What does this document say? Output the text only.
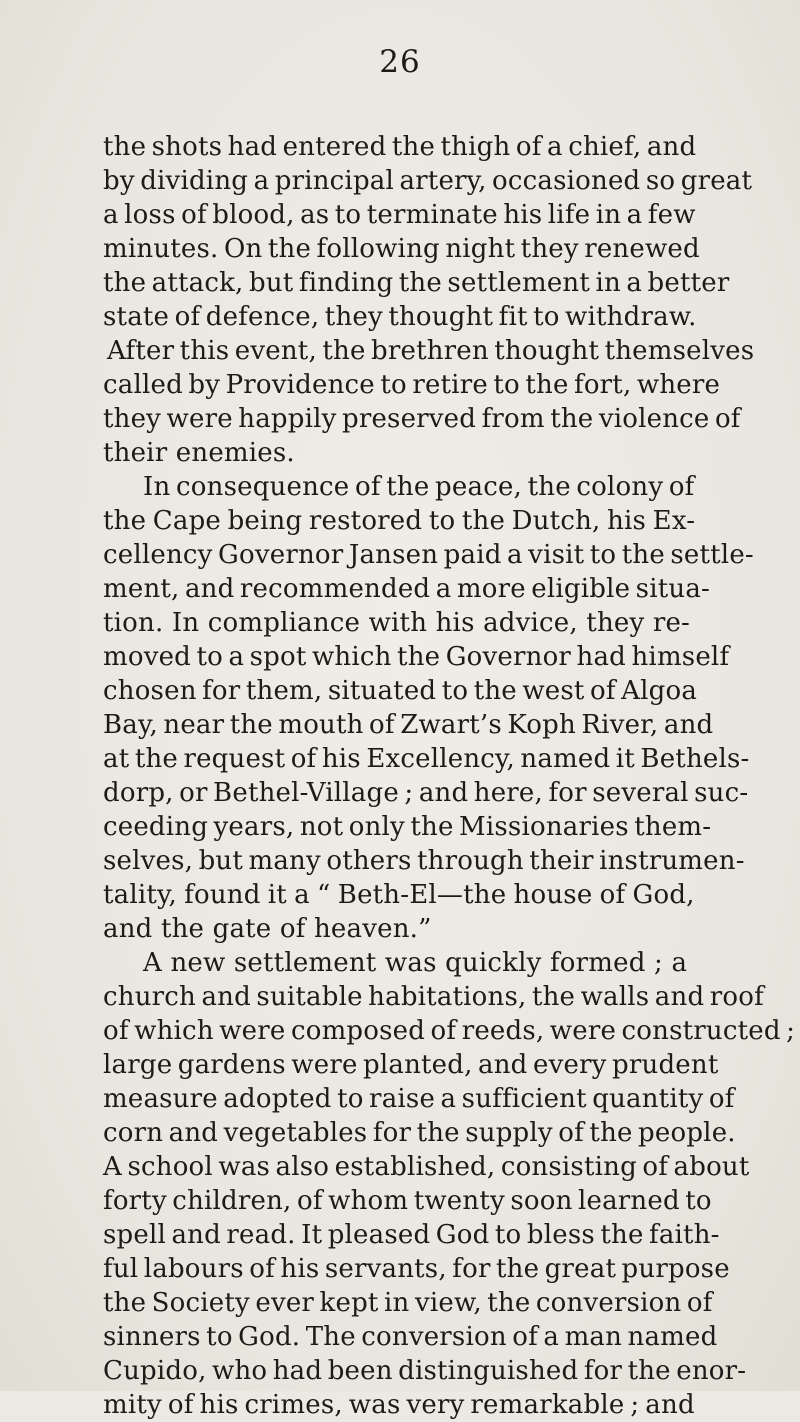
26
the shots had entered the thigh of a chief, and
by dividing a principal artery, occasioned so great
a loss of blood, as to terminate his life in a few
minutes. On the following night they renewed
the attack, but finding the settlement in a better
state of defence, they thought fit to withdraw.
After this event, the brethren thought themselves
called by Providence to retire to the fort, where
they were happily preserved from the violence of
their enemies.
In consequence of the peace, the colony of
the Cape being restored to the Dutch, his Ex-
cellency Governor Jansen paid a visit to the settle-
ment, and recommended a more eligible situa-
tion. In compliance with his advice, they re-
moved to a spot which the Governor had himself
chosen for them, situated to the west of Algoa
Bay, near the mouth of Zwart’s Koph River, and
at the request of his Excellency, named it Bethels-
dorp, or Bethel-Village ; and here, for several suc-
ceeding years, not only the Missionaries them-
selves, but many others through their instrumen-
tality, found it a “ Beth-El—the house of God,
and the gate of heaven.”
A new settlement was quickly formed ; a
church and suitable habitations, the walls and roof
of which were composed of reeds, were constructed ;
large gardens were planted, and every prudent
measure adopted to raise a sufficient quantity of
corn and vegetables for the supply of the people.
A school was also established, consisting of about
forty children, of whom twenty soon learned to
spell and read. It pleased God to bless the faith-
ful labours of his servants, for the great purpose
the Society ever kept in view, the conversion of
sinners to God. The conversion of a man named
Cupido, who had been distinguished for the enor-
mity of his crimes, was very remarkable ; and
